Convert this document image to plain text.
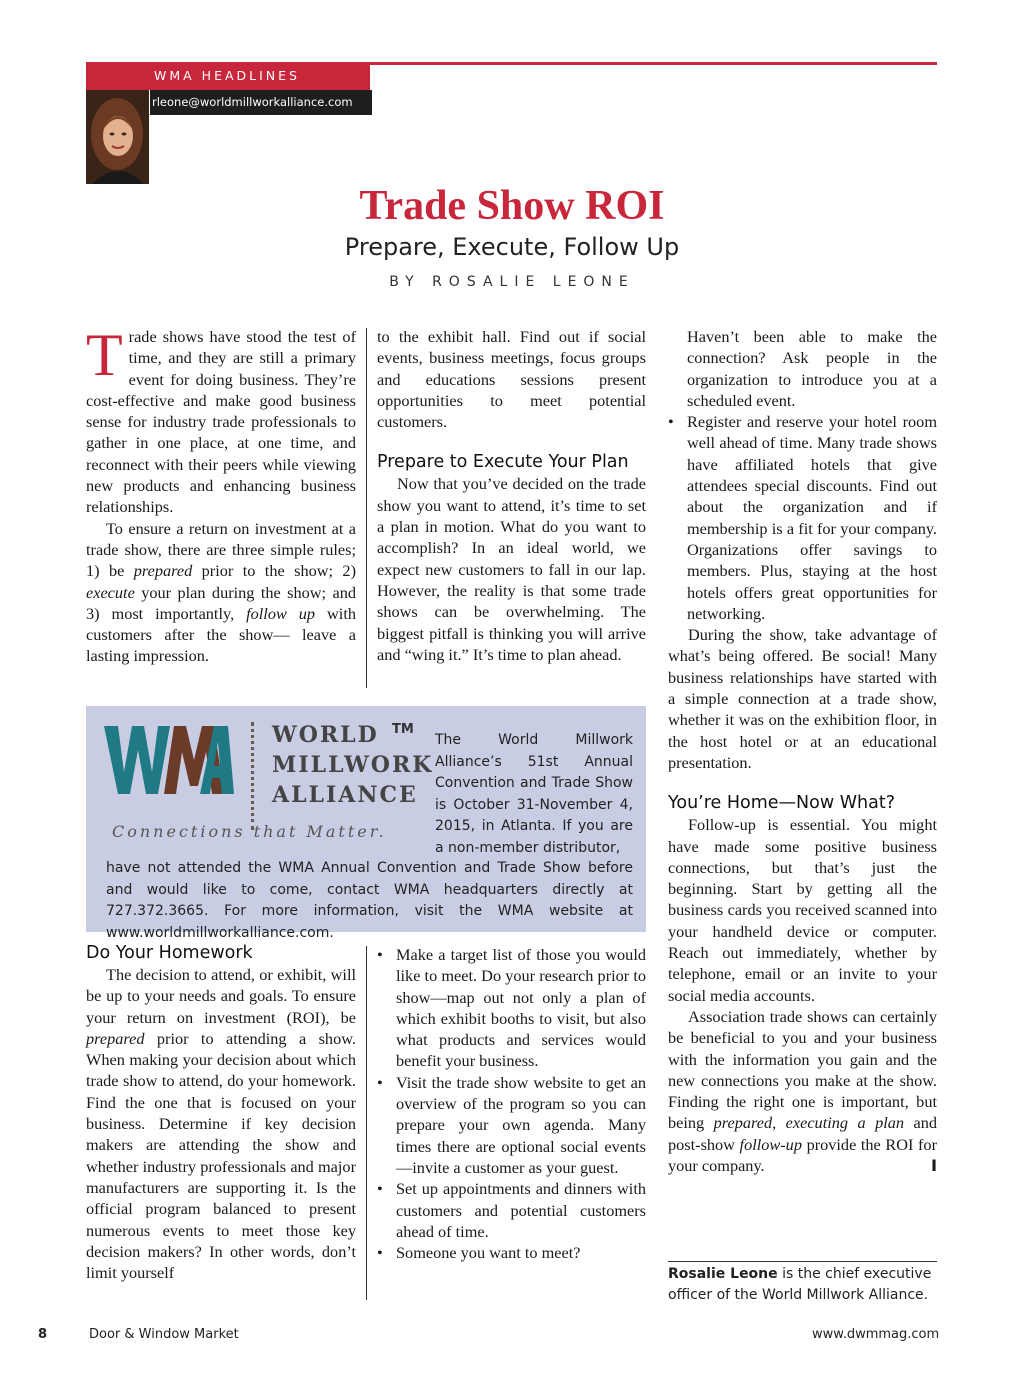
WMA HEADLINES
rleone@worldmillworkalliance.com
Trade Show ROI
Prepare, Execute, Follow Up
BY ROSALIE LEONE

Trade shows have stood the test of time, and they are still a primary event for doing business. They’re cost-effective and make good business sense for industry trade professionals to gather in one place, at one time, and reconnect with their peers while viewing new products and enhancing business relationships.

To ensure a return on investment at a trade show, there are three simple rules; 1) be prepared prior to the show; 2) execute your plan during the show; and 3) most importantly, follow up with customers after the show— leave a lasting impression.

to the exhibit hall. Find out if social events, business meetings, focus groups and educations sessions present opportunities to meet potential customers.

Prepare to Execute Your Plan

Now that you’ve decided on the trade show you want to attend, it’s time to set a plan in motion. What do you want to accomplish? In an ideal world, we expect new customers to fall in our lap. However, the reality is that some trade shows can be overwhelming. The biggest pitfall is thinking you will arrive and “wing it.” It’s time to plan ahead.

WORLD
MILLWORK
ALLIANCE
TM
Connections that Matter.
The World Millwork Alliance’s 51st Annual Convention and Trade Show is October 31-November 4, 2015, in Atlanta. If you are a non-member distributor,
have not attended the WMA Annual Convention and Trade Show before and would like to come, contact WMA headquarters directly at 727.372.3665. For more information, visit the WMA website at www.worldmillworkalliance.com.
Do Your Homework

The decision to attend, or exhibit, will be up to your needs and goals. To ensure your return on investment (ROI), be prepared prior to attending a show. When making your decision about which trade show to attend, do your homework. Find the one that is focused on your business. Determine if key decision makers are attending the show and whether industry professionals and major manufacturers are supporting it. Is the official program balanced to present numerous events to meet those key decision makers? In other words, don’t limit yourself

• Make a target list of those you would like to meet. Do your research prior to show—map out not only a plan of which exhibit booths to visit, but also what products and services would benefit your business.
• Visit the trade show website to get an overview of the program so you can prepare your own agenda. Many times there are optional social events—invite a customer as your guest.
• Set up appointments and dinners with customers and potential customers ahead of time.
• Someone you want to meet?

Haven’t been able to make the connection? Ask people in the organization to introduce you at a scheduled event.

• Register and reserve your hotel room well ahead of time. Many trade shows have affiliated hotels that give attendees special discounts. Find out about the organization and if membership is a fit for your company. Organizations offer savings to members. Plus, staying at the host hotels offers great opportunities for networking.

During the show, take advantage of what’s being offered. Be social! Many business relationships have started with a simple connection at a trade show, whether it was on the exhibition floor, in the host hotel or at an educational presentation.

You’re Home—Now What?

Follow-up is essential. You might have made some positive business connections, but that’s just the beginning. Start by getting all the business cards you received scanned into your handheld device or computer. Reach out immediately, whether by telephone, email or an invite to your social media accounts.

Association trade shows can certainly be beneficial to you and your business with the information you gain and the new connections you make at the show. Finding the right one is important, but being prepared, executing a plan and post-show follow-up provide the ROI for your company.	I

Rosalie Leone is the chief executive officer of the World Millwork Alliance.
8	Door & Window Market	www.dwmmag.com
